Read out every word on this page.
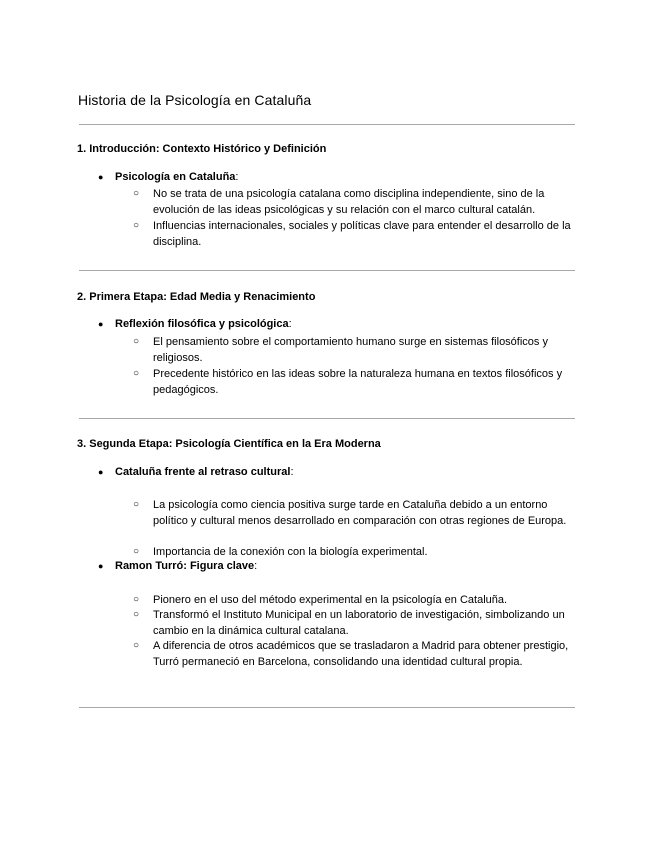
Historia de la Psicología en Cataluña
1. Introducción: Contexto Histórico y Definición
● Psicología en Cataluña:
○ No se trata de una psicología catalana como disciplina independiente, sino de la evolución de las ideas psicológicas y su relación con el marco cultural catalán.
○ Influencias internacionales, sociales y políticas clave para entender el desarrollo de la disciplina.
2. Primera Etapa: Edad Media y Renacimiento
● Reflexión filosófica y psicológica:
○ El pensamiento sobre el comportamiento humano surge en sistemas filosóficos y religiosos.
○ Precedente histórico en las ideas sobre la naturaleza humana en textos filosóficos y pedagógicos.
3. Segunda Etapa: Psicología Científica en la Era Moderna
● Cataluña frente al retraso cultural:
○ La psicología como ciencia positiva surge tarde en Cataluña debido a un entorno político y cultural menos desarrollado en comparación con otras regiones de Europa.
○ Importancia de la conexión con la biología experimental.
● Ramon Turró: Figura clave:
○ Pionero en el uso del método experimental en la psicología en Cataluña.
○ Transformó el Instituto Municipal en un laboratorio de investigación, simbolizando un cambio en la dinámica cultural catalana.
○ A diferencia de otros académicos que se trasladaron a Madrid para obtener prestigio, Turró permaneció en Barcelona, consolidando una identidad cultural propia.
